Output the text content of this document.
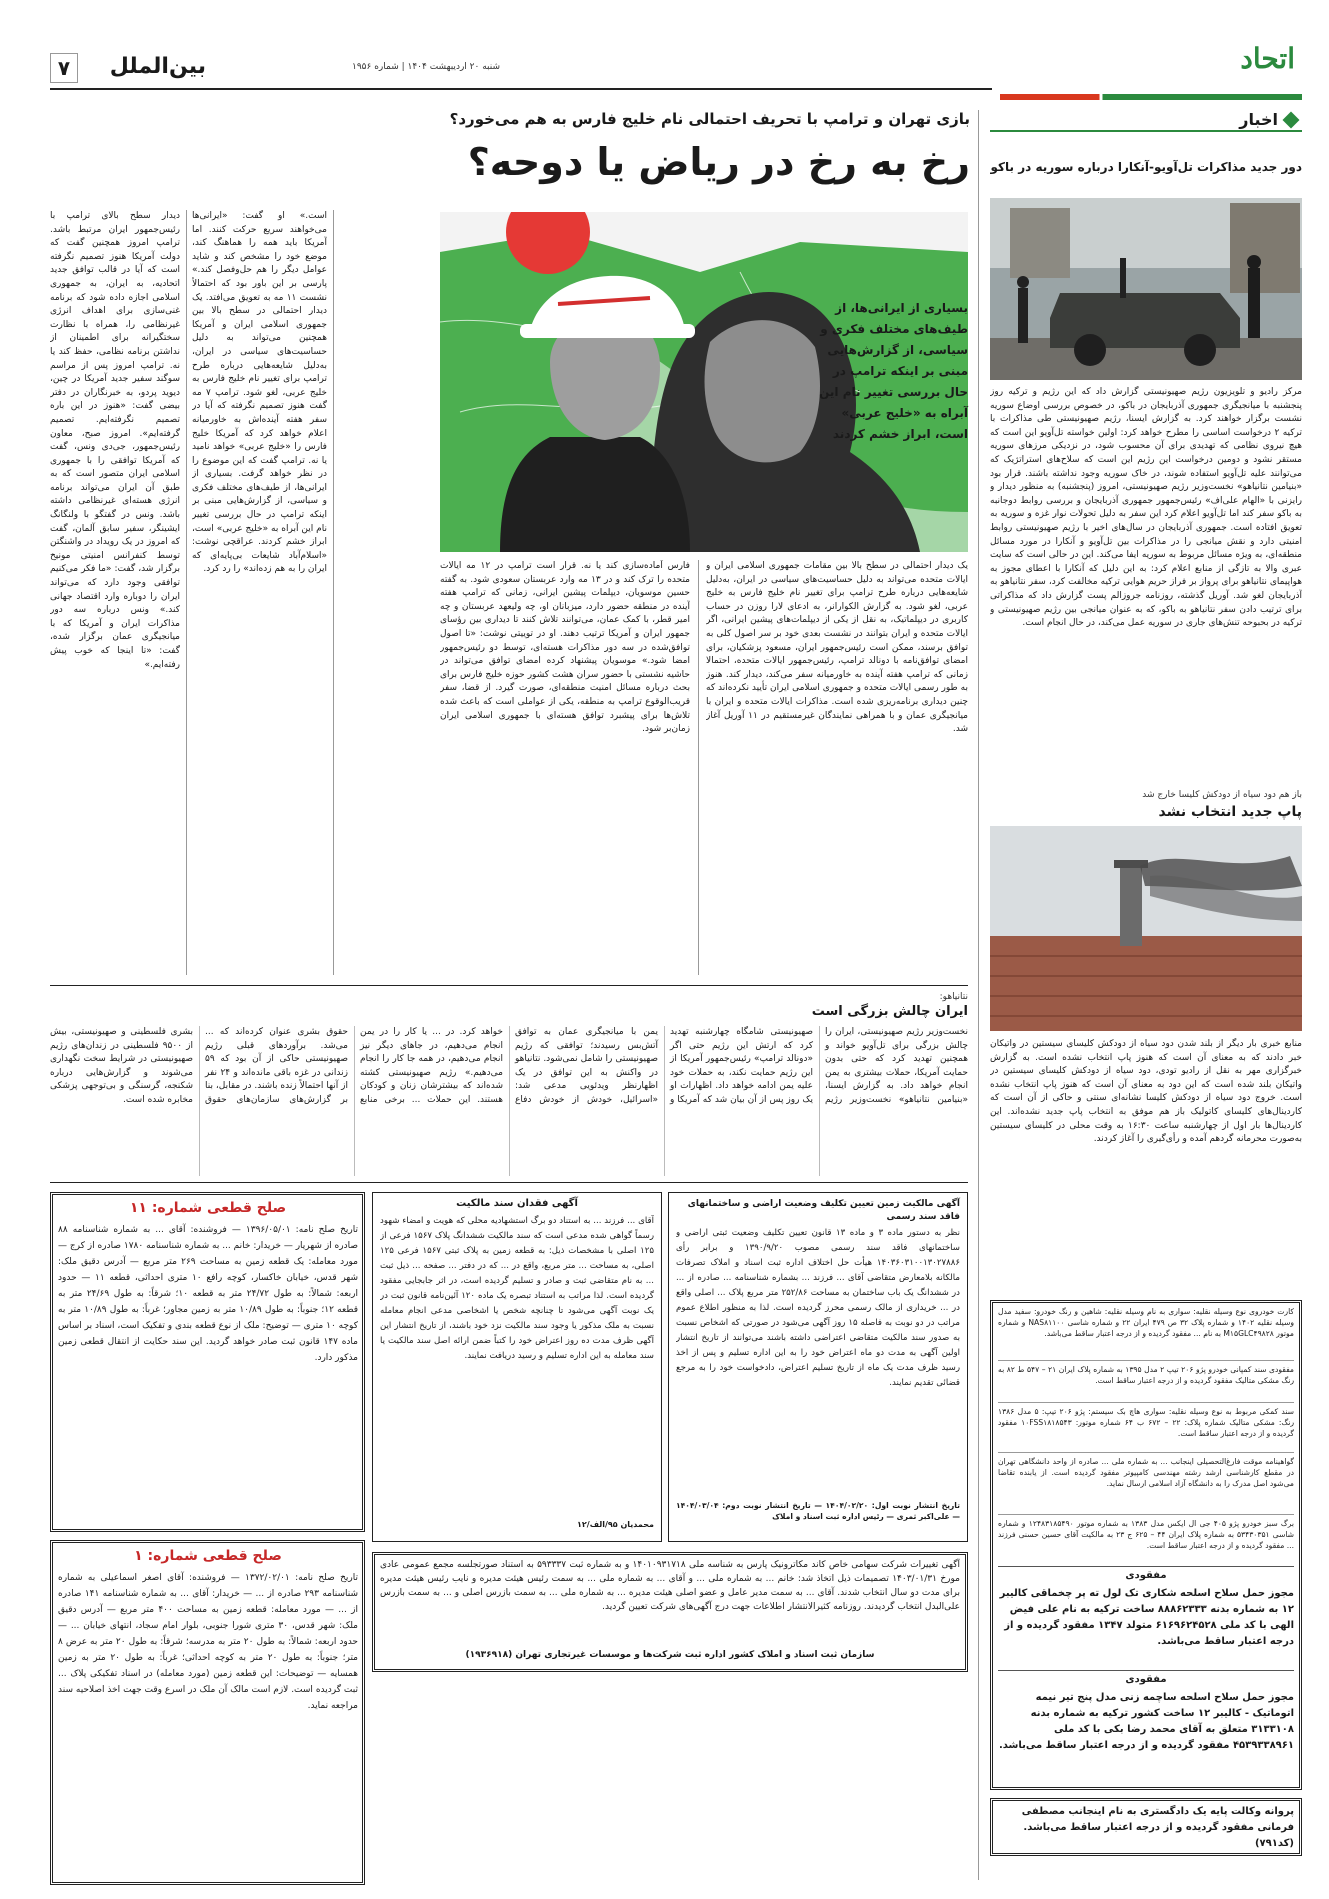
۷	بین‌الملل	شنبه ۲۰ اردیبهشت ۱۴۰۴ | شماره ۱۹۵۶	اتحاد
اخبار
دور جدید مذاکرات تل‌آویو-آنکارا درباره سوریه در باکو
مرکز رادیو و تلویزیون رژیم صهیونیستی گزارش داد که این رژیم و ترکیه روز پنجشنبه با میانجیگری جمهوری آذربایجان در باکو، در خصوص بررسی اوضاع سوریه نشست برگزار خواهند کرد. به گزارش ایسنا، رژیم صهیونیستی طی مذاکرات با ترکیه ۲ درخواست اساسی را مطرح خواهد کرد: اولین خواسته تل‌آویو این است که هیچ نیروی نظامی که تهدیدی برای آن محسوب شود، در نزدیکی مرزهای سوریه مستقر نشود و دومین درخواست این رژیم این است که سلاح‌های استراتژیک که می‌توانند علیه تل‌آویو استفاده شوند، در خاک سوریه وجود نداشته باشند. قرار بود «بنیامین نتانیاهو» نخست‌وزیر رژیم صهیونیستی، امروز (پنجشنبه) به منظور دیدار و رایزنی با «الهام علی‌اف» رئیس‌جمهور جمهوری آذربایجان و بررسی روابط دوجانبه به باکو سفر کند اما تل‌آویو اعلام کرد این سفر به دلیل تحولات نوار غزه و سوریه به تعویق افتاده است. جمهوری آذربایجان در سال‌های اخیر با رژیم صهیونیستی روابط امنیتی دارد و نقش میانجی را در مذاکرات بین تل‌آویو و آنکارا در مورد مسائل منطقه‌ای، به ویژه مسائل مربوط به سوریه ایفا می‌کند. این در حالی است که سایت عبری والا به تازگی از منابع اعلام کرد: به این دلیل که آنکارا با اعطای مجوز به هواپیمای نتانیاهو برای پرواز بر فراز حریم هوایی ترکیه مخالفت کرد، سفر نتانیاهو به آذربایجان لغو شد. آوریل گذشته، روزنامه جروزالم پست گزارش داد که مذاکراتی برای ترتیب دادن سفر نتانیاهو به باکو، که به عنوان میانجی بین رژیم صهیونیستی و ترکیه در بحبوحه تنش‌های جاری در سوریه عمل می‌کند، در حال انجام است.
باز هم دود سیاه از دودکش کلیسا خارج شد
پاپ جدید انتخاب نشد
منابع خبری بار دیگر از بلند شدن دود سیاه از دودکش کلیسای سیستین در واتیکان خبر دادند که به معنای آن است که هنوز پاپ انتخاب نشده است. به گزارش خبرگزاری مهر به نقل از رادیو تودی، دود سیاه از دودکش کلیسای سیستین در واتیکان بلند شده است که این دود به معنای آن است که هنوز پاپ انتخاب نشده است. خروج دود سیاه از دودکش کلیسا نشانه‌ای سنتی و حاکی از آن است که کاردینال‌های کلیسای کاتولیک باز هم موفق به انتخاب پاپ جدید نشده‌اند. این کاردینال‌ها بار اول از چهارشنبه ساعت ۱۶:۳۰ به وقت محلی در کلیسای سیستین به‌صورت محرمانه گردهم آمده و رأی‌گیری را آغاز کردند.
کارت خودروی نوع وسیله نقلیه: سواری به نام وسیله نقلیه: شاهین و رنگ خودرو: سفید مدل وسیله نقلیه ۱۴۰۲ و شماره پلاک ۳۲ ص ۴۷۹ ایران ۲۲ و شماره شاسی NAS۸۱۱۰۰ و شماره موتور M۱۵GLC۴۹۸۲۸ به نام ... مفقود گردیده و از درجه اعتبار ساقط می‌باشد.
مفقودی سند کمپانی خودرو پژو ۲۰۶ تیپ ۲ مدل ۱۳۹۵ به شماره پلاک ایران ۲۱ – ۵۴۷ ط ۸۲ به رنگ مشکی متالیک مفقود گردیده و از درجه اعتبار ساقط است.
سند کمکی مربوط به نوع وسیله نقلیه: سواری هاچ بک سیستم: پژو ۲۰۶ تیپ: ۵ مدل ۱۳۸۶ رنگ: مشکی متالیک شماره پلاک: ۲۲ – ۶۷۲ ب ۶۴ شماره موتور: ۱۰FSS۱۸۱۸۵۴۳ مفقود گردیده و از درجه اعتبار ساقط است.
گواهینامه موقت فارغ‌التحصیلی اینجانب ... به شماره ملی ... صادره از واحد دانشگاهی تهران در مقطع کارشناسی ارشد رشته مهندسی کامپیوتر مفقود گردیده است. از یابنده تقاضا می‌شود اصل مدرک را به دانشگاه آزاد اسلامی ارسال نماید.
برگ سبز خودرو پژو ۴۰۵ جی ال ایکس مدل ۱۳۸۳ به شماره موتور ۱۲۴۸۳۱۸۵۴۹۰ و شماره شاسی ۵۳۴۳۰۳۵۱ به شماره پلاک ایران ۴۴ – ۶۲۵ ج ۲۳ به مالکیت آقای حسین حسنی فرزند ... مفقود گردیده و از درجه اعتبار ساقط است.
مفقودی
مجوز حمل سلاح اسلحه شکاری تک لول ته پر چخماقی کالیبر ۱۲ به شماره بدنه ۸۸۸۶۲۳۳۳ ساخت ترکیه به نام علی فیض الهی با کد ملی ۶۱۶۹۶۲۴۵۲۸ متولد ۱۳۴۷ مفقود گردیده و از درجه اعتبار ساقط می‌باشد.
مفقودی
مجوز حمل سلاح اسلحه ساچمه زنی مدل پنج تیر نیمه اتوماتیک - کالیبر ۱۲ ساخت کشور ترکیه به شماره بدنه ۳۱۳۳۱۰۸ متعلق به آقای محمد رضا بکی با کد ملی ۴۵۳۹۳۳۸۹۶۱ مفقود گردیده و از درجه اعتبار ساقط می‌باشد.
پروانه وکالت پایه یک دادگستری به نام اینجانب مصطفی فرمانی مفقود گردیده و از درجه اعتبار ساقط می‌باشد. (کد۷۹۱)
بازی تهران و ترامپ با تحریف احتمالی نام خلیج فارس به هم می‌خورد؟
رخ به رخ در ریاض یا دوحه؟
بسیاری از ایرانی‌ها، از طیف‌های مختلف فکری و سیاسی، از گزارش‌هایی مبنی بر اینکه ترامپ در حال بررسی تغییر نام این آبراه به «خلیج عربی» است، ابراز خشم کردند
دیدار سطح بالای ترامپ با رئیس‌جمهور ایران مرتبط باشد. ترامپ امروز همچنین گفت که دولت آمریکا هنوز تصمیم نگرفته است که آیا در قالب توافق جدید اتحادیه، به ایران، به جمهوری اسلامی اجازه داده شود که برنامه غنی‌سازی برای اهداف انرژی غیرنظامی را، همراه با نظارت سختگیرانه برای اطمینان از نداشتن برنامه نظامی، حفظ کند یا نه. ترامپ امروز پس از مراسم سوگند سفیر جدید آمریکا در چین، دیوید پردو، به خبرنگاران در دفتر بیضی گفت: «هنوز در این باره تصمیم نگرفته‌ایم. تصمیم گرفته‌ایم». امروز صبح، معاون رئیس‌جمهور، جی‌دی ونس، گفت که آمریکا توافقی را با جمهوری اسلامی ایران متصور است که به طبق آن ایران می‌تواند برنامه انرژی هسته‌ای غیرنظامی داشته باشد. ونس در گفتگو با ولنگانگ ایشینگر، سفیر سابق آلمان، گفت که امروز در یک رویداد در واشنگتن توسط کنفرانس امنیتی مونیخ برگزار شد، گفت: «ما فکر می‌کنیم توافقی وجود دارد که می‌تواند ایران را دوباره وارد اقتصاد جهانی کند.» ونس درباره سه دور مذاکرات ایران و آمریکا که با میانجیگری عمان برگزار شده، گفت: «تا اینجا که خوب پیش رفته‌ایم.»
است.» او گفت: «ایرانی‌ها می‌خواهند سریع حرکت کنند. اما آمریکا باید همه را هماهنگ کند، موضع خود را مشخص کند و شاید عوامل دیگر را هم حل‌وفصل کند.» پارسی بر این باور بود که احتمالاً نشست ۱۱ مه به تعویق می‌افتد. یک دیدار احتمالی در سطح بالا بین جمهوری اسلامی ایران و آمریکا همچنین می‌تواند به دلیل حساسیت‌های سیاسی در ایران، به‌دلیل شایعه‌هایی درباره طرح ترامپ برای تغییر نام خلیج فارس به خلیج عربی، لغو شود. ترامپ ۷ مه گفت هنوز تصمیم نگرفته که آیا در سفر هفته آینده‌اش به خاورمیانه اعلام خواهد کرد که آمریکا خلیج فارس را «خلیج عربی» خواهد نامید یا نه. ترامپ گفت که این موضوع را در نظر خواهد گرفت. بسیاری از ایرانی‌ها، از طیف‌های مختلف فکری و سیاسی، از گزارش‌هایی مبنی بر اینکه ترامپ در حال بررسی تغییر نام این آبراه به «خلیج عربی» است، ابراز خشم کردند. عراقچی نوشت: «اسلام‌آباد شایعات بی‌پایه‌ای که ایران را به هم زده‌اند» را رد کرد.	فارس آماده‌سازی کند یا نه. قرار است ترامپ در ۱۲ مه ایالات متحده را ترک کند و در ۱۳ مه وارد عربستان سعودی شود. به گفته حسین موسویان، دیپلمات پیشین ایرانی، زمانی که ترامپ هفته آینده در منطقه حضور دارد، میزبانان او، چه ولیعهد عربستان و چه امیر قطر، با کمک عمان، می‌توانند تلاش کنند تا دیداری بین رؤسای جمهور ایران و آمریکا ترتیب دهند. او در توییتی نوشت: «تا اصول توافق‌شده در سه دور مذاکرات هسته‌ای، توسط دو رئیس‌جمهور امضا شود.» موسویان پیشنهاد کرده امضای توافق می‌تواند در حاشیه نشستی با حضور سران هشت کشور حوزه خلیج فارس برای بحث درباره مسائل امنیت منطقه‌ای، صورت گیرد. از قضا، سفر قریب‌الوقوع ترامپ به منطقه، یکی از عواملی است که باعث شده تلاش‌ها برای پیشبرد توافق هسته‌ای با جمهوری اسلامی ایران زمان‌بر شود.
یک دیدار احتمالی در سطح بالا بین مقامات جمهوری اسلامی ایران و ایالات متحده می‌تواند به دلیل حساسیت‌های سیاسی در ایران، به‌دلیل شایعه‌هایی درباره طرح ترامپ برای تغییر نام خلیج فارس به خلیج عربی، لغو شود. به گزارش الکوارانر، به ادعای لارا روزن در حساب کاربری در دیپلماتیک، به نقل از یکی از دیپلمات‌های پیشین ایرانی، اگر ایالات متحده و ایران بتوانند در نشست بعدی خود بر سر اصول کلی به توافق برسند، ممکن است رئیس‌جمهور ایران، مسعود پزشکیان، برای امضای توافق‌نامه با دونالد ترامپ، رئیس‌جمهور ایالات متحده، احتمالا زمانی که ترامپ هفته آینده به خاورمیانه سفر می‌کند، دیدار کند. هنوز به طور رسمی ایالات متحده و جمهوری اسلامی ایران تأیید نکرده‌اند که چنین دیداری برنامه‌ریزی شده است. مذاکرات ایالات متحده و ایران با میانجیگری عمان و با همراهی نمایندگان غیرمستقیم در ۱۱ آوریل آغاز شد.
نتانیاهو:
ایران چالش بزرگی است
نخست‌وزیر رژیم صهیونیستی، ایران را چالش بزرگی برای تل‌آویو خواند و همچنین تهدید کرد که حتی بدون حمایت آمریکا، حملات بیشتری به یمن انجام خواهد داد. به گزارش ایسنا، «بنیامین نتانیاهو» نخست‌وزیر رژیم صهیونیستی شامگاه چهارشنبه تهدید کرد که ارتش این رژیم حتی اگر «دونالد ترامپ» رئیس‌جمهور آمریکا از این رژیم حمایت نکند، به حملات خود علیه یمن ادامه خواهد داد. اظهارات او یک روز پس از آن بیان شد که آمریکا و یمن با میانجیگری عمان به توافق آتش‌بس رسیدند؛ توافقی که رژیم صهیونیستی را شامل نمی‌شود. نتانیاهو در واکنش به این توافق در یک اظهارنظر ویدئویی مدعی شد: «اسرائیل، خودش از خودش دفاع خواهد کرد. در ... یا کار را در یمن انجام می‌دهیم، در جاهای دیگر نیز انجام می‌دهیم، در همه جا کار را انجام می‌دهیم.» رژیم صهیونیستی کشته شده‌اند که بیشترشان زنان و کودکان هستند. این حملات ... برخی منابع حقوق بشری عنوان کرده‌اند که ... می‌شد. برآوردهای قبلی رژیم صهیونیستی حاکی از آن بود که ۵۹ زندانی در غزه باقی مانده‌اند و ۲۴ نفر از آنها احتمالاً زنده باشند. در مقابل، بنا بر گزارش‌های سازمان‌های حقوق بشری فلسطینی و صهیونیستی، بیش از ۹۵۰۰ فلسطینی در زندان‌های رژیم صهیونیستی در شرایط سخت نگهداری می‌شوند و گزارش‌هایی درباره شکنجه، گرسنگی و بی‌توجهی پزشکی مخابره شده است.
صلح قطعی شماره: ۱۱
تاریخ صلح نامه: ۱۳۹۶/۰۵/۰۱ — فروشنده: آقای ... به شماره شناسنامه ۸۸ صادره از شهریار — خریدار: خانم ... به شماره شناسنامه ۱۷۸۰ صادره از کرج — مورد معامله: یک قطعه زمین به مساحت ۲۶۹ متر مربع — آدرس دقیق ملک: شهر قدس، خیابان خاکسار، کوچه رافع ۱۰ متری احداثی، قطعه ۱۱ — حدود اربعه: شمالاً: به طول ۲۴/۷۲ متر به قطعه ۱۰؛ شرقاً: به طول ۲۴/۶۹ متر به قطعه ۱۲؛ جنوباً: به طول ۱۰/۸۹ متر به زمین مجاور؛ غرباً: به طول ۱۰/۸۹ متر به کوچه ۱۰ متری — توضیح: ملک از نوع قطعه بندی و تفکیک است، اسناد بر اساس ماده ۱۴۷ قانون ثبت صادر خواهد گردید. این سند حکایت از انتقال قطعی زمین مذکور دارد.
صلح قطعی شماره: ۱
تاریخ صلح نامه: ۱۳۷۲/۰۲/۰۱ — فروشنده: آقای اصغر اسماعیلی به شماره شناسنامه ۲۹۳ صادره از ... — خریدار: آقای ... به شماره شناسنامه ۱۴۱ صادره از ... — مورد معامله: قطعه زمین به مساحت ۴۰۰ متر مربع — آدرس دقیق ملک: شهر قدس، ۳۰ متری شورا جنوبی، بلوار امام سجاد، انتهای خیابان ... — حدود اربعه: شمالاً: به طول ۲۰ متر به مدرسه؛ شرقاً: به طول ۲۰ متر به عرض ۸ متر؛ جنوباً: به طول ۲۰ متر به کوچه احداثی؛ غرباً: به طول ۲۰ متر به زمین همسایه — توضیحات: این قطعه زمین (مورد معامله) در اسناد تفکیکی پلاک ... ثبت گردیده است. لازم است مالک آن ملک در اسرع وقت جهت اخذ اصلاحیه سند مراجعه نماید.
آگهی فقدان سند مالکیت
آقای ... فرزند ... به استناد دو برگ استشهادیه محلی که هویت و امضاء شهود رسماً گواهی شده مدعی است که سند مالکیت ششدانگ پلاک ۱۵۶۷ فرعی از ۱۲۵ اصلی با مشخصات ذیل: به قطعه زمین به پلاک ثبتی ۱۵۶۷ فرعی ۱۲۵ اصلی، به مساحت ... متر مربع، واقع در ... که در دفتر ... صفحه ... ذیل ثبت ... به نام متقاضی ثبت و صادر و تسلیم گردیده است، در اثر جابجایی مفقود گردیده است. لذا مراتب به استناد تبصره یک ماده ۱۲۰ آئین‌نامه قانون ثبت در یک نوبت آگهی می‌شود تا چنانچه شخص یا اشخاصی مدعی انجام معامله نسبت به ملک مذکور یا وجود سند مالکیت نزد خود باشند، از تاریخ انتشار این آگهی ظرف مدت ده روز اعتراض خود را کتباً ضمن ارائه اصل سند مالکیت یا سند معامله به این اداره تسلیم و رسید دریافت نمایند.
محمدیان ۹۵/الف/۱۲
آگهی مالکیت زمین تعیین تکلیف وضعیت اراضی و ساختمانهای فاقد سند رسمی
نظر به دستور ماده ۳ و ماده ۱۳ قانون تعیین تکلیف وضعیت ثبتی اراضی و ساختمانهای فاقد سند رسمی مصوب ۱۳۹۰/۹/۲۰ و برابر رأی ۱۴۰۳۶۰۳۱۰۰۱۳۰۲۷۸۸۶ هیأت حل اختلاف اداره ثبت اسناد و املاک تصرفات مالکانه بلامعارض متقاضی آقای ... فرزند ... بشماره شناسنامه ... صادره از ... در ششدانگ یک باب ساختمان به مساحت ۲۵۲/۸۶ متر مربع پلاک ... اصلی واقع در ... خریداری از مالک رسمی محرز گردیده است. لذا به منظور اطلاع عموم مراتب در دو نوبت به فاصله ۱۵ روز آگهی می‌شود در صورتی که اشخاص نسبت به صدور سند مالکیت متقاضی اعتراضی داشته باشند می‌توانند از تاریخ انتشار اولین آگهی به مدت دو ماه اعتراض خود را به این اداره تسلیم و پس از اخذ رسید ظرف مدت یک ماه از تاریخ تسلیم اعتراض، دادخواست خود را به مرجع قضائی تقدیم نمایند.
تاریخ انتشار نوبت اول: ۱۴۰۴/۰۲/۲۰ — تاریخ انتشار نوبت دوم: ۱۴۰۴/۰۳/۰۴ — علی‌اکبر ثمری — رئیس اداره ثبت اسناد و املاک
آگهی تغییرات شرکت سهامی خاص کاند مکاترونیک پارس به شناسه ملی ۱۴۰۱۰۹۳۱۷۱۸ و به شماره ثبت ۵۹۳۳۳۷ به استناد صورتجلسه مجمع عمومی عادی مورخ ۱۴۰۳/۰۱/۳۱ تصمیمات ذیل اتخاذ شد: خانم ... به شماره ملی ... و آقای ... به شماره ملی ... به سمت رئیس هیئت مدیره و نایب رئیس هیئت مدیره برای مدت دو سال انتخاب شدند. آقای ... به سمت مدیر عامل و عضو اصلی هیئت مدیره ... به شماره ملی ... به سمت بازرس اصلی و ... به سمت بازرس علی‌البدل انتخاب گردیدند. روزنامه کثیرالانتشار اطلاعات جهت درج آگهی‌های شرکت تعیین گردید.
سازمان ثبت اسناد و املاک کشور اداره ثبت شرکت‌ها و موسسات غیرتجاری تهران (۱۹۳۶۹۱۸)
